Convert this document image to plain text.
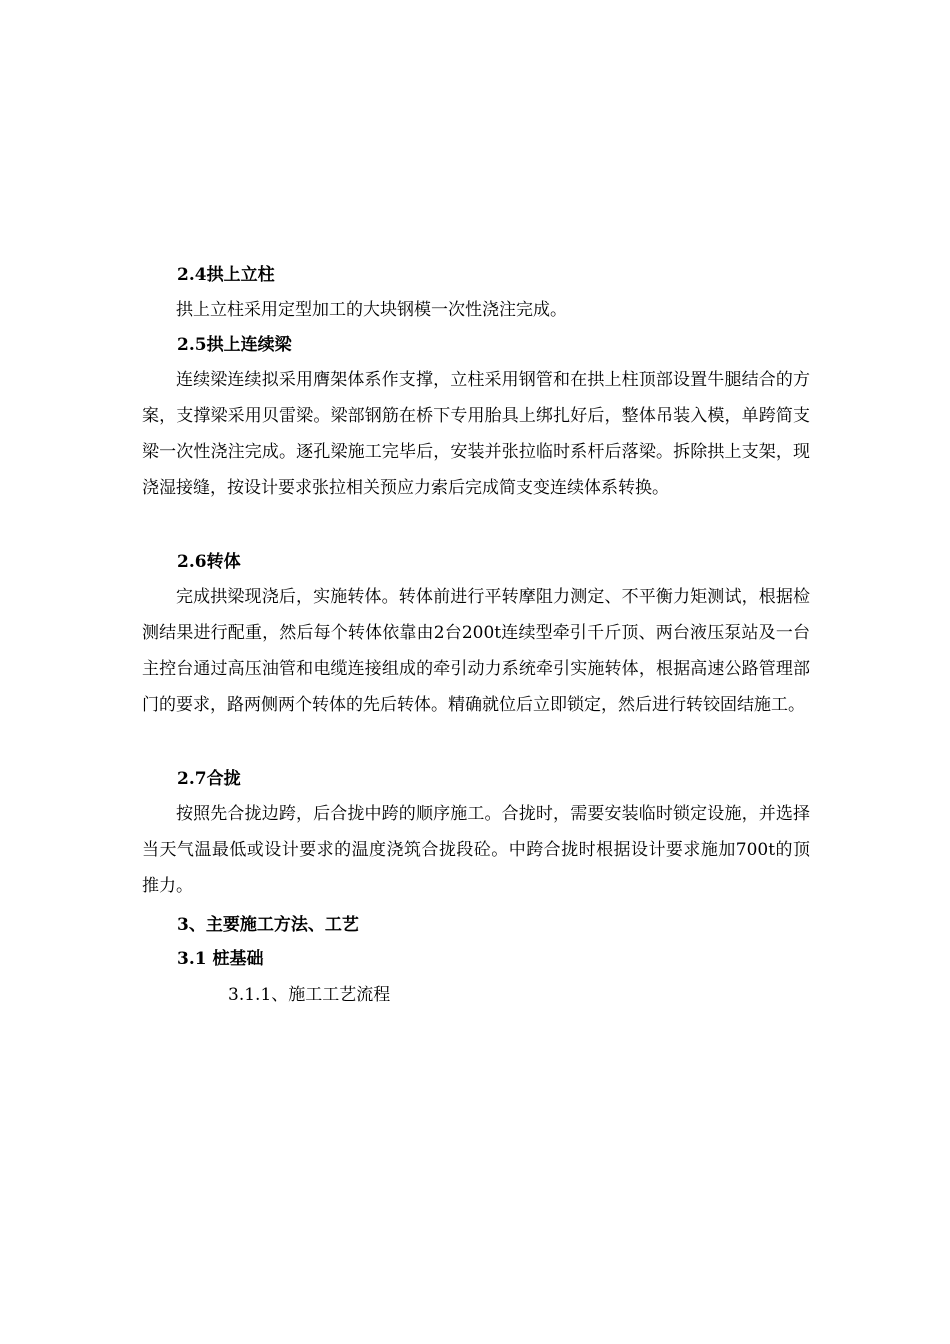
2.4拱上立柱
拱上立柱采用定型加工的大块钢模一次性浇注完成。
2.5拱上连续梁
连续梁连续拟采用膺架体系作支撑，立柱采用钢管和在拱上柱顶部设置牛腿结合的方案，支撑梁采用贝雷梁。梁部钢筋在桥下专用胎具上绑扎好后，整体吊装入模，单跨简支梁一次性浇注完成。逐孔梁施工完毕后，安装并张拉临时系杆后落梁。拆除拱上支架，现浇湿接缝，按设计要求张拉相关预应力索后完成简支变连续体系转换。
2.6转体
完成拱梁现浇后，实施转体。转体前进行平转摩阻力测定、不平衡力矩测试，根据检测结果进行配重，然后每个转体依靠由2台200t连续型牵引千斤顶、两台液压泵站及一台主控台通过高压油管和电缆连接组成的牵引动力系统牵引实施转体，根据高速公路管理部门的要求，路两侧两个转体的先后转体。精确就位后立即锁定，然后进行转铰固结施工。
2.7合拢
按照先合拢边跨，后合拢中跨的顺序施工。合拢时，需要安装临时锁定设施，并选择当天气温最低或设计要求的温度浇筑合拢段砼。中跨合拢时根据设计要求施加700t的顶推力。
3、主要施工方法、工艺
3.1 桩基础
3.1.1、施工工艺流程
